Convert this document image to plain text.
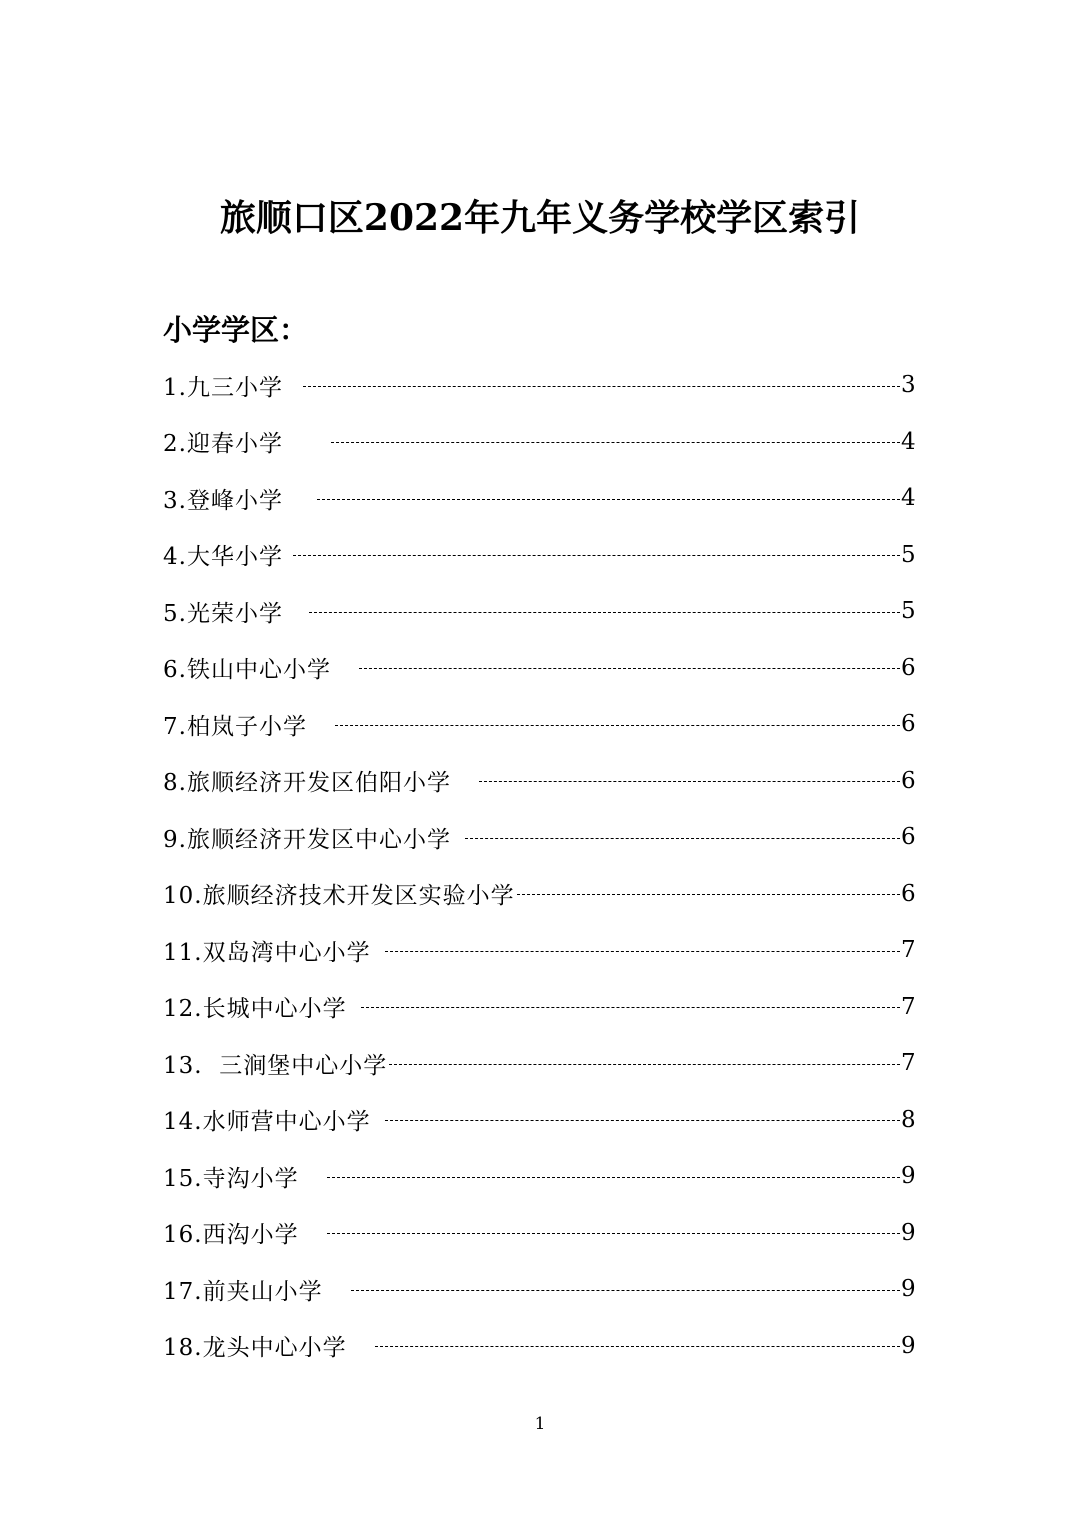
旅顺口区2022年九年义务学校学区索引
小学学区：
1.九三小学	3
2.迎春小学	4
3.登峰小学	4
4.大华小学	5
5.光荣小学	5
6.铁山中心小学	6
7.柏岚子小学	6
8.旅顺经济开发区伯阳小学	6
9.旅顺经济开发区中心小学	6
10.旅顺经济技术开发区实验小学	6
11.双岛湾中心小学	7
12.长城中心小学	7
13.  三涧堡中心小学	7
14.水师营中心小学	8
15.寺沟小学	9
16.西沟小学	9
17.前夹山小学	9
18.龙头中心小学	9
1
